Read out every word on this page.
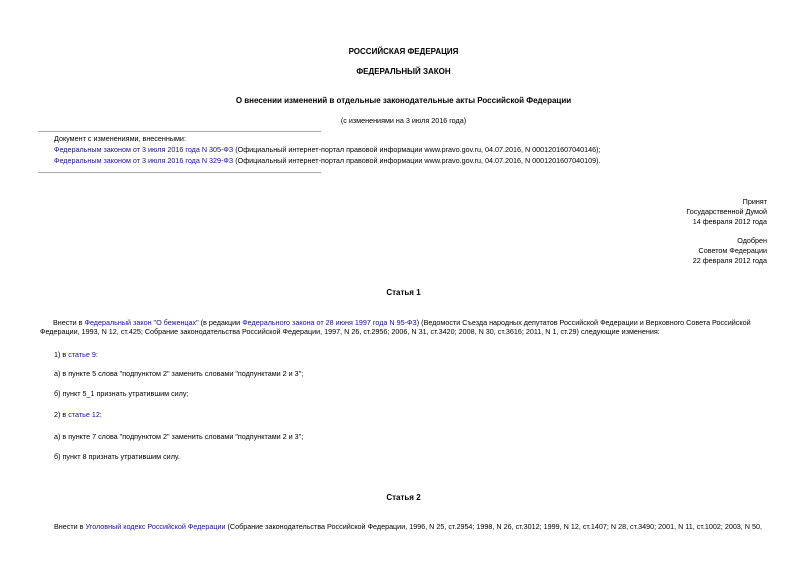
РОССИЙСКАЯ ФЕДЕРАЦИЯ
ФЕДЕРАЛЬНЫЙ ЗАКОН
О внесении изменений в отдельные законодательные акты Российской Федерации
(с изменениями на 3 июля 2016 года)
Документ с изменениями, внесенными:
Федеральным законом от 3 июля 2016 года N 305-ФЗ (Официальный интернет-портал правовой информации www.pravo.gov.ru, 04.07.2016, N 0001201607040146);
Федеральным законом от 3 июля 2016 года N 329-ФЗ (Официальный интернет-портал правовой информации www.pravo.gov.ru, 04.07.2016, N 0001201607040109).
Принят
Государственной Думой
14 февраля 2012 года
Одобрен
Советом Федерации
22 февраля 2012 года
Статья 1
Внести в Федеральный закон "О беженцах" (в редакции Федерального закона от 28 июня 1997 года N 95-ФЗ) (Ведомости Съезда народных депутатов Российской Федерации и Верховного Совета Российской Федерации, 1993, N 12, ст.425; Собрание законодательства Российской Федерации, 1997, N 26, ст.2956; 2006, N 31, ст.3420; 2008, N 30, ст.3616; 2011, N 1, ст.29) следующие изменения:
1) в статье 9:
а) в пункте 5 слова "подпунктом 2" заменить словами "подпунктами 2 и 3";
б) пункт 5_1 признать утратившим силу;
2) в статье 12:
а) в пункте 7 слова "подпунктом 2" заменить словами "подпунктами 2 и 3";
б) пункт 8 признать утратившим силу.
Статья 2
Внести в Уголовный кодекс Российской Федерации (Собрание законодательства Российской Федерации, 1996, N 25, ст.2954; 1998, N 26, ст.3012; 1999, N 12, ст.1407; N 28, ст.3490; 2001, N 11, ст.1002; 2003, N 50,
